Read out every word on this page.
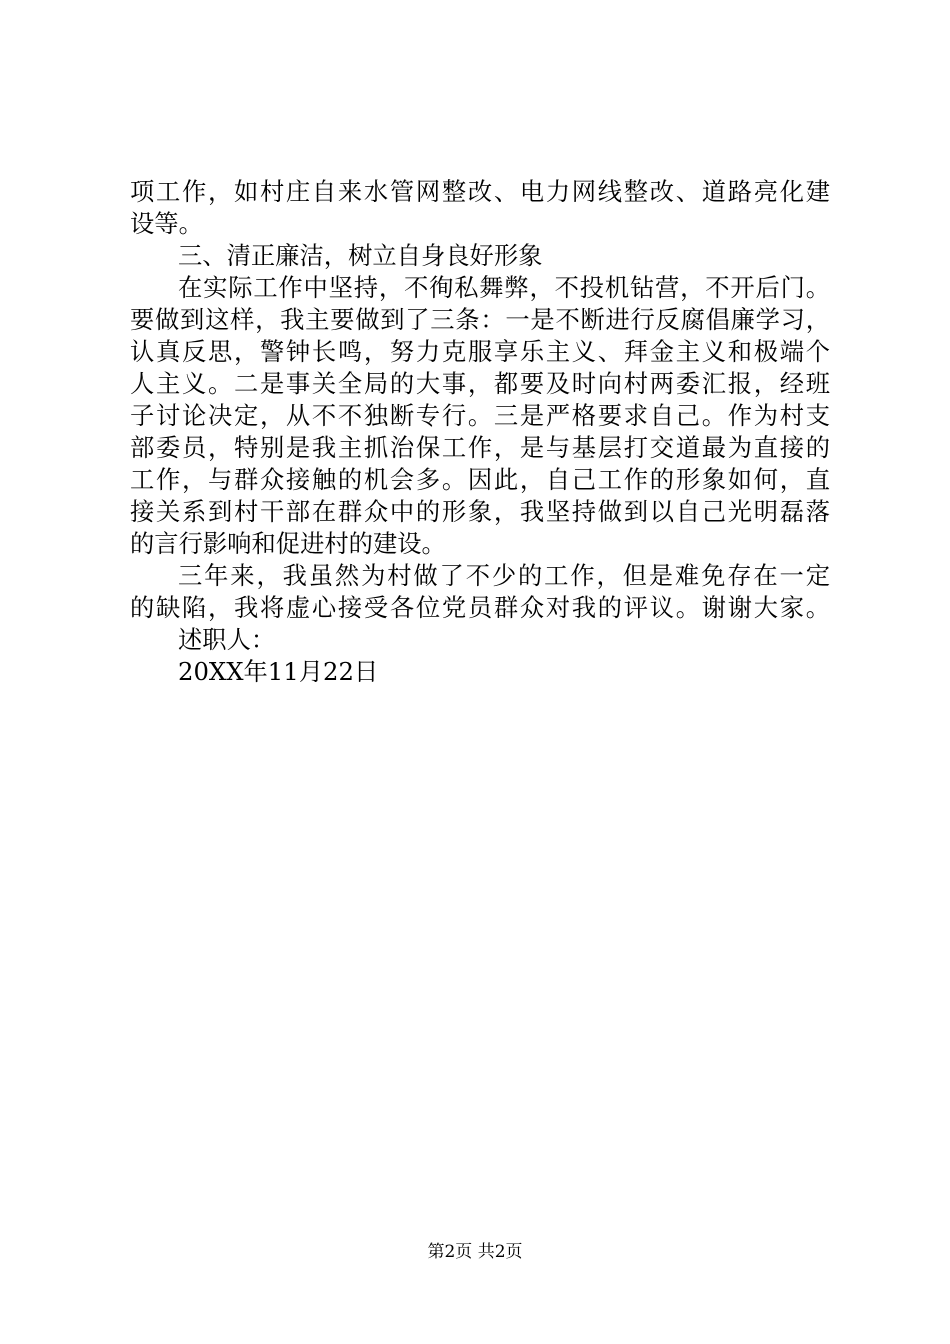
项工作，如村庄自来水管网整改、电力网线整改、道路亮化建
设等。
三、清正廉洁，树立自身良好形象
在实际工作中坚持，不徇私舞弊，不投机钻营，不开后门。
要做到这样，我主要做到了三条：一是不断进行反腐倡廉学习，
认真反思，警钟长鸣，努力克服享乐主义、拜金主义和极端个
人主义。二是事关全局的大事，都要及时向村两委汇报，经班
子讨论决定，从不不独断专行。三是严格要求自己。作为村支
部委员，特别是我主抓治保工作，是与基层打交道最为直接的
工作，与群众接触的机会多。因此，自己工作的形象如何，直
接关系到村干部在群众中的形象，我坚持做到以自己光明磊落
的言行影响和促进村的建设。
三年来，我虽然为村做了不少的工作，但是难免存在一定
的缺陷，我将虚心接受各位党员群众对我的评议。谢谢大家。
述职人：
20XX年11月22日
第2页 共2页
